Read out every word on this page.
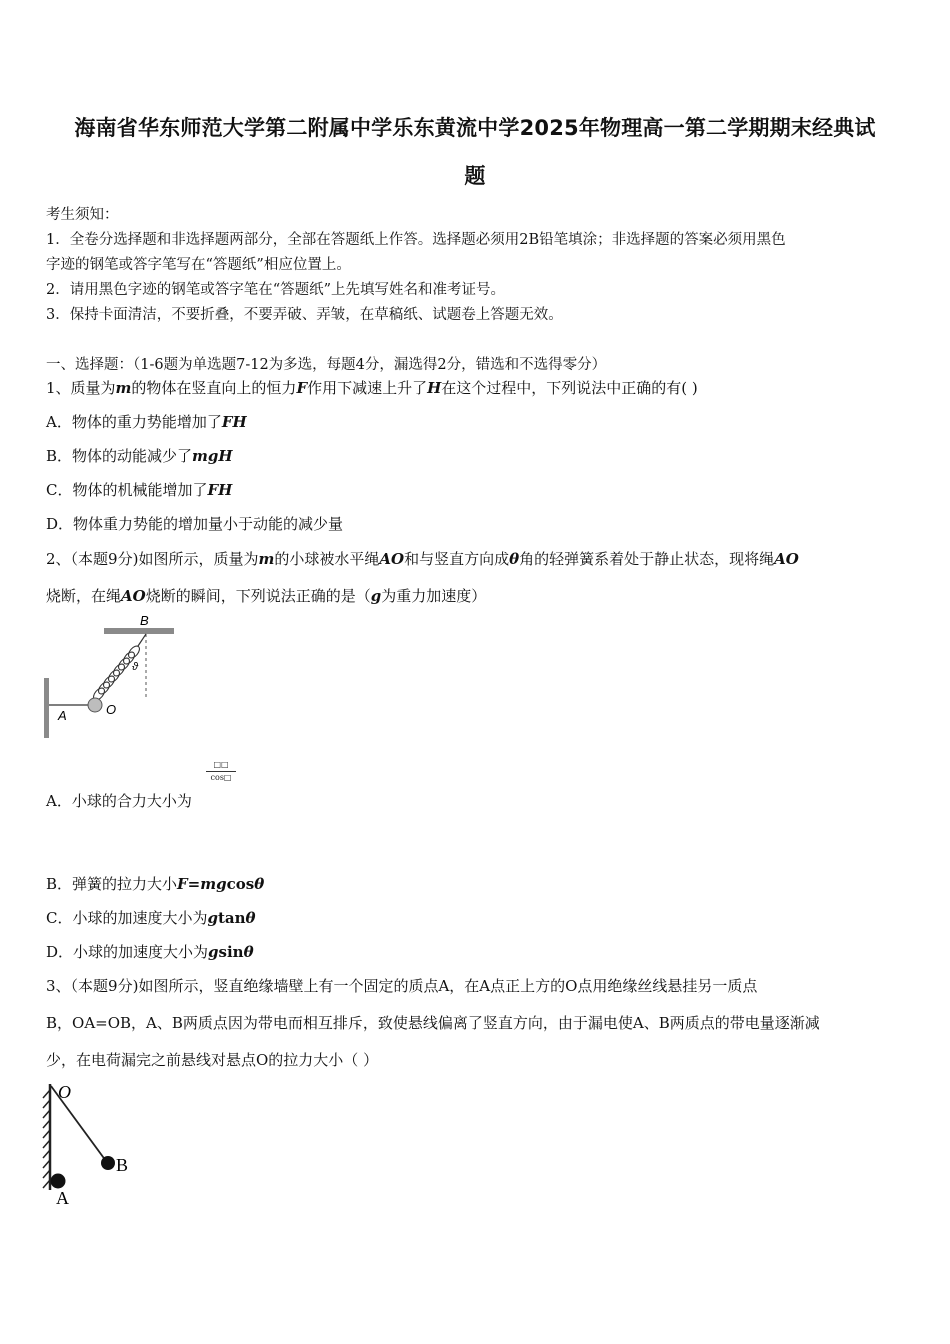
海南省华东师范大学第二附属中学乐东黄流中学2025年物理高一第二学期期末经典试
题
考生须知：
1．全卷分选择题和非选择题两部分，全部在答题纸上作答。选择题必须用2B铅笔填涂；非选择题的答案必须用黑色
字迹的钢笔或答字笔写在“答题纸”相应位置上。
2．请用黑色字迹的钢笔或答字笔在“答题纸”上先填写姓名和准考证号。
3．保持卡面清洁，不要折叠，不要弄破、弄皱，在草稿纸、试题卷上答题无效。
一、选择题：（1-6题为单选题7-12为多选，每题4分，漏选得2分，错选和不选得零分）
1、质量为m的物体在竖直向上的恒力F作用下减速上升了H在这个过程中，下列说法中正确的有( )
A．物体的重力势能增加了FH
B．物体的动能减少了mgH
C．物体的机械能增加了FH
D．物体重力势能的增加量小于动能的减少量
2、（本题9分)如图所示，质量为m的小球被水平绳AO和与竖直方向成θ角的轻弹簧系着处于静止状态，现将绳AO
烧断，在绳AO烧断的瞬间，下列说法正确的是（g为重力加速度）
B
ϑ
A	O
□□
cos□
A．小球的合力大小为
B．弹簧的拉力大小F=mgcosθ
C．小球的加速度大小为gtanθ
D．小球的加速度大小为gsinθ
3、（本题9分)如图所示，竖直绝缘墙壁上有一个固定的质点A，在A点正上方的O点用绝缘丝线悬挂另一质点
B，OA=OB，A、B两质点因为带电而相互排斥，致使悬线偏离了竖直方向，由于漏电使A、B两质点的带电量逐渐减
少，在电荷漏完之前悬线对悬点O的拉力大小（ ）
O
B
A
